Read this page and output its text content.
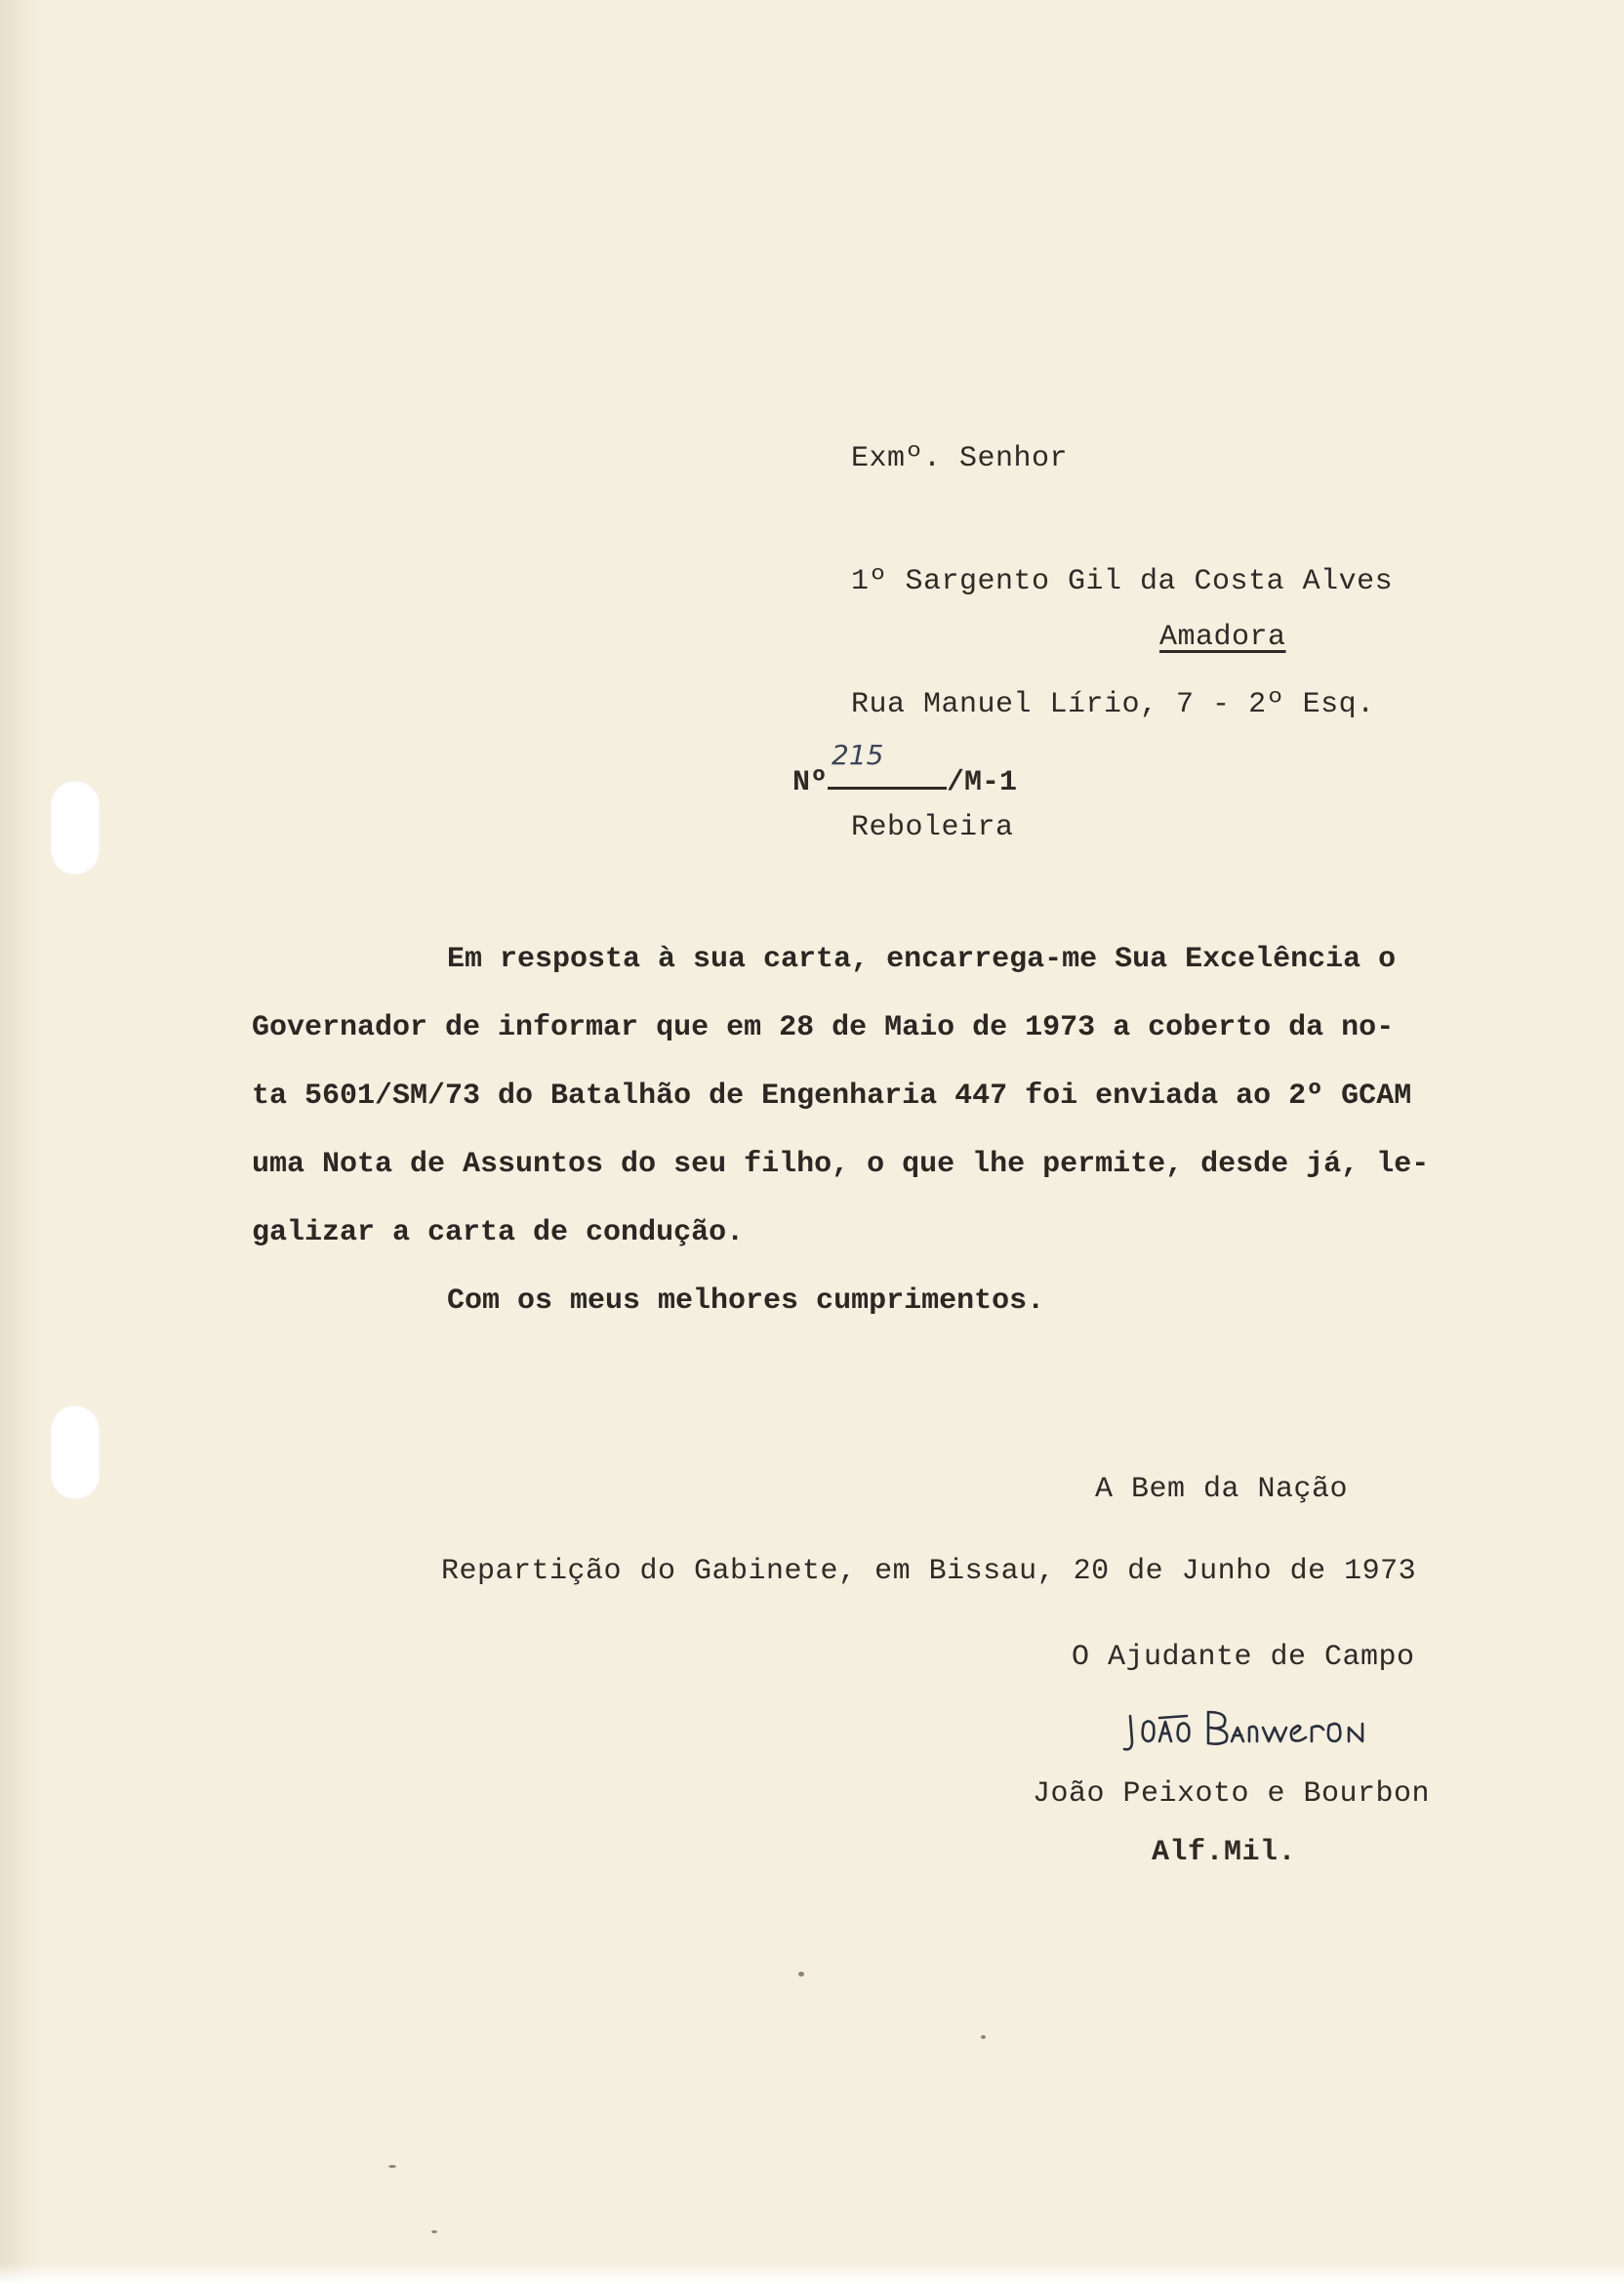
Exmº. Senhor

1º Sargento Gil da Costa Alves

Rua Manuel Lírio, 7 - 2º Esq.

Reboleira

Amadora
Nº
215
/M-1
Em resposta à sua carta, encarrega-me Sua Excelência o
Governador de informar que em 28 de Maio de 1973 a coberto da no-
ta 5601/SM/73 do Batalhão de Engenharia 447 foi enviada ao 2º GCAM
uma Nota de Assuntos do seu filho, o que lhe permite, desde já, le-
galizar a carta de condução.
Com os meus melhores cumprimentos.
A Bem da Nação
Repartição do Gabinete, em Bissau, 20 de Junho de 1973
O Ajudante de Campo
João Peixoto e Bourbon
Alf.Mil.
